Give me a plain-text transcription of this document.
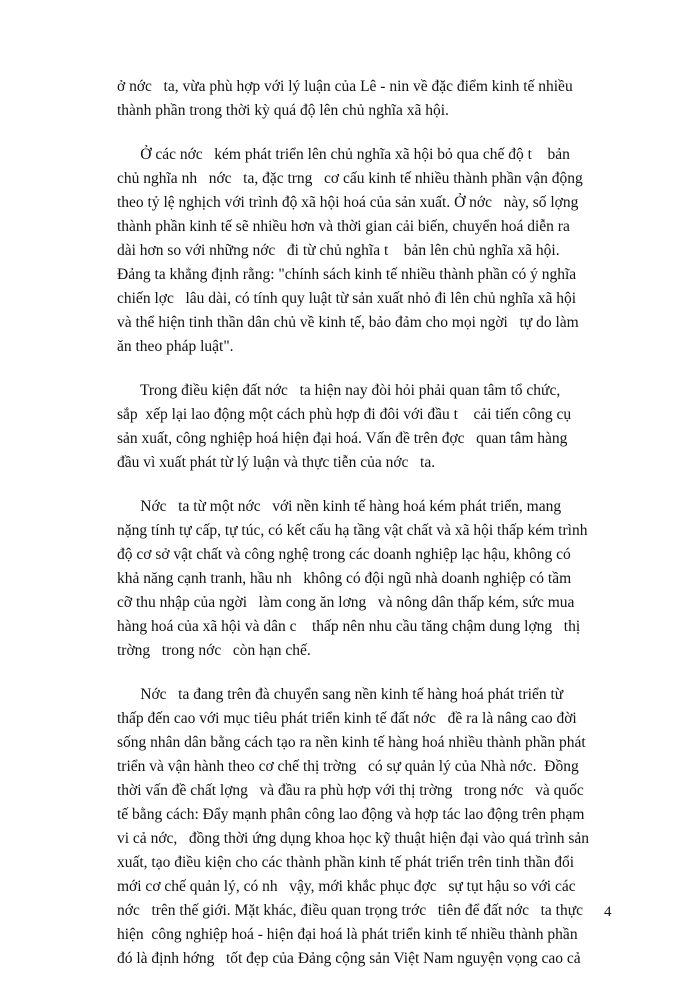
ở nớc   ta, vừa phù hợp với lý luận của Lê - nin về đặc điểm kinh tế nhiều
thành phần trong thời kỳ quá độ lên chủ nghĩa xã hội.
Ở các nớc   kém phát triển lên chủ nghĩa xã hội bỏ qua chế độ t    bản
chủ nghĩa nh   nớc   ta, đặc trng   cơ cấu kinh tế nhiều thành phần vận động
theo tỷ lệ nghịch với trình độ xã hội hoá của sản xuất. Ở nớc   này, số lợng
thành phần kinh tế sẽ nhiều hơn và thời gian cải biến, chuyển hoá diễn ra
dài hơn so với những nớc   đi từ chủ nghĩa t    bản lên chủ nghĩa xã hội.
Đảng ta khẳng định rằng: "chính sách kinh tế nhiều thành phần có ý nghĩa
chiến lợc   lâu dài, có tính quy luật từ sản xuất nhỏ đi lên chủ nghĩa xã hội
và thể hiện tinh thần dân chủ về kinh tế, bảo đảm cho mọi ngời   tự do làm
ăn theo pháp luật".
Trong điều kiện đất nớc   ta hiện nay đòi hỏi phải quan tâm tổ chức,
sắp  xếp lại lao động một cách phù hợp đi đôi với đầu t    cải tiến công cụ
sản xuất, công nghiệp hoá hiện đại hoá. Vấn đề trên đợc   quan tâm hàng
đầu vì xuất phát từ lý luận và thực tiễn của nớc   ta.
Nớc   ta từ một nớc   với nền kinh tế hàng hoá kém phát triển, mang
nặng tính tự cấp, tự túc, có kết cấu hạ tầng vật chất và xã hội thấp kém trình
độ cơ sở vật chất và công nghệ trong các doanh nghiệp lạc hậu, không có
khả năng cạnh tranh, hầu nh   không có đội ngũ nhà doanh nghiệp có tầm
cỡ thu nhập của ngời   làm cong ăn lơng   và nông dân thấp kém, sức mua
hàng hoá của xã hội và dân c    thấp nên nhu cầu tăng chậm dung lợng   thị
trờng   trong nớc   còn hạn chế.
Nớc   ta đang trên đà chuyển sang nền kinh tế hàng hoá phát triển từ
thấp đến cao với mục tiêu phát triển kinh tế đất nớc   đề ra là nâng cao đời
sống nhân dân bằng cách tạo ra nền kinh tế hàng hoá nhiều thành phần phát
triển và vận hành theo cơ chế thị trờng   có sự quản lý của Nhà nớc.  Đồng
thời vấn đề chất lợng   và đầu ra phù hợp với thị trờng   trong nớc   và quốc
tế bằng cách: Đẩy mạnh phân công lao động và hợp tác lao động trên phạm
vi cả nớc,   đồng thời ứng dụng khoa học kỹ thuật hiện đại vào quá trình sản
xuất, tạo điều kiện cho các thành phần kinh tế phát triển trên tinh thần đổi
mới cơ chế quản lý, có nh   vậy, mới khắc phục đợc   sự tụt hậu so với các
nớc   trên thế giới. Mặt khác, điều quan trọng trớc   tiên để đất nớc   ta thực
hiện  công nghiệp hoá - hiện đại hoá là phát triển kinh tế nhiều thành phần
đó là định hớng   tốt đẹp của Đảng cộng sản Việt Nam nguyện vọng cao cả
4
